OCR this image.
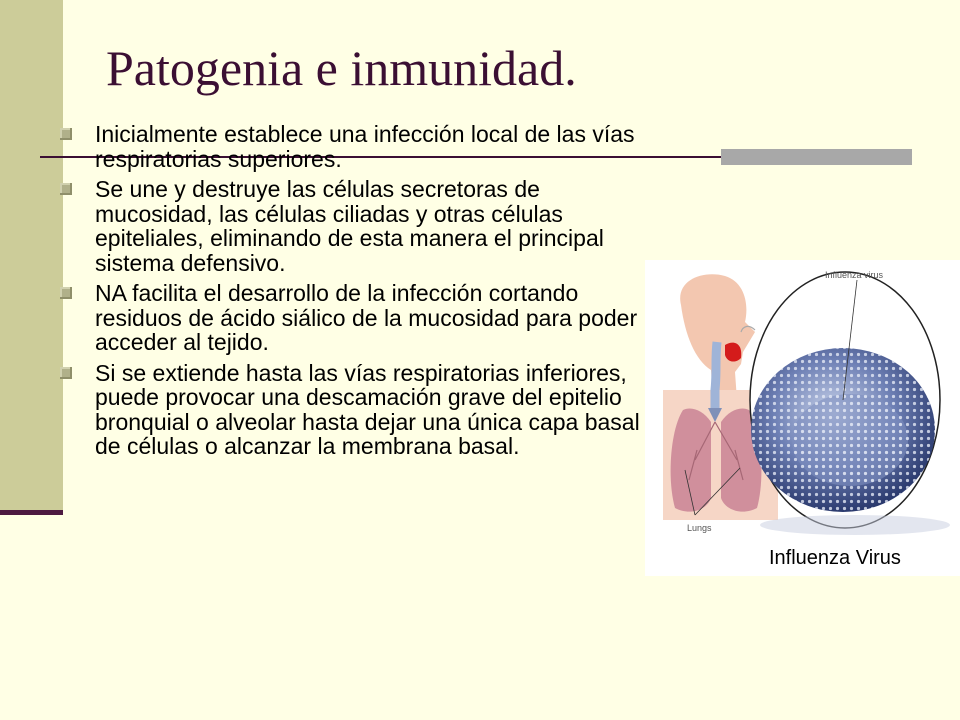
Patogenia e inmunidad.
Inicialmente establece una infección local de las vías respiratorias superiores.
Se une y destruye las células secretoras de mucosidad, las células ciliadas y otras células epiteliales, eliminando de esta manera el principal sistema defensivo.
NA facilita el desarrollo de la infección cortando residuos de ácido siálico de la mucosidad para poder acceder al tejido.
Si se extiende hasta las vías respiratorias inferiores, puede provocar una descamación grave del epitelio bronquial o alveolar hasta dejar una única capa basal de células o alcanzar la membrana basal.
Influenza virus
Lungs
Influenza Virus
